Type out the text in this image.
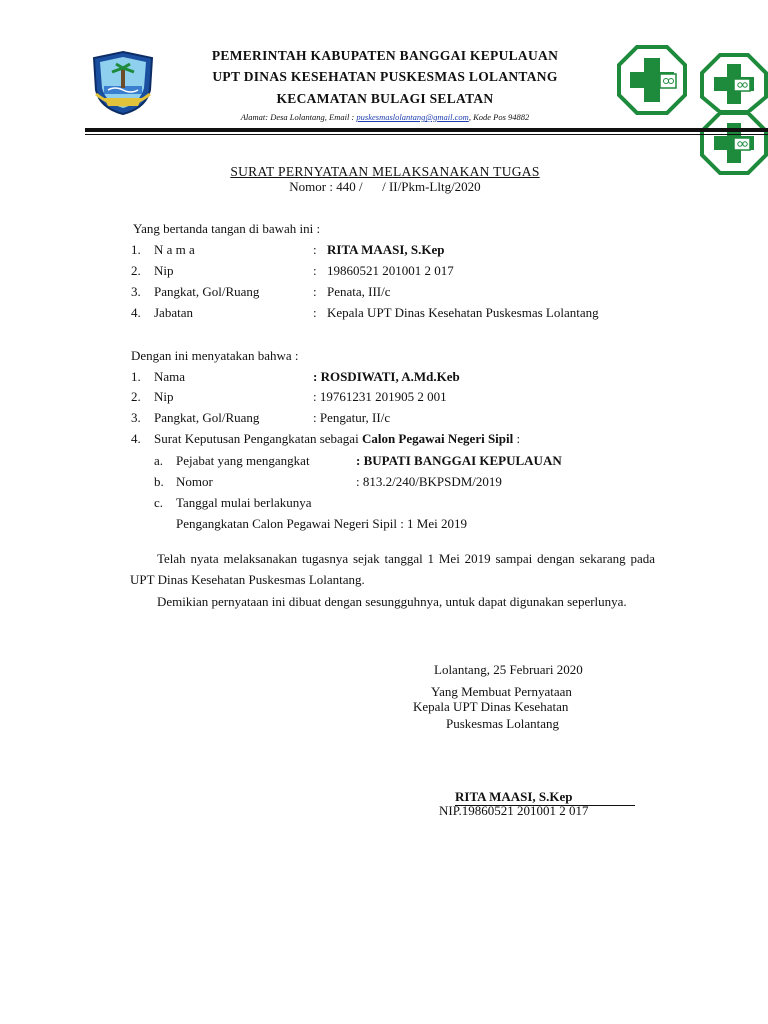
PEMERINTAH KABUPATEN BANGGAI KEPULAUAN
UPT DINAS KESEHATAN PUSKESMAS LOLANTANG
KECAMATAN BULAGI SELATAN
Alamat: Desa Lolantang, Email : puskesmaslolantang@gmail.com, Kode Pos 94882
SURAT PERNYATAAN MELAKSANAKAN TUGAS
Nomor : 440 /      / II/Pkm-Lltg/2020
Yang bertanda tangan di bawah ini :
1. N a m a	: RITA MAASI, S.Kep
2. Nip	: 19860521 201001 2 017
3. Pangkat, Gol/Ruang	: Penata, III/c
4. Jabatan	: Kepala UPT Dinas Kesehatan Puskesmas Lolantang
Dengan ini menyatakan bahwa :
1. Nama	: ROSDIWATI, A.Md.Keb
2. Nip	: 19761231 201905 2 001
3. Pangkat, Gol/Ruang	: Pengatur, II/c
4. Surat Keputusan Pengangkatan sebagai Calon Pegawai Negeri Sipil :
a. Pejabat yang mengangkat	: BUPATI BANGGAI KEPULAUAN
b. Nomor	: 813.2/240/BKPSDM/2019
c. Tanggal mulai berlakunya
Pengangkatan Calon Pegawai Negeri Sipil : 1 Mei 2019
Telah nyata melaksanakan tugasnya sejak tanggal 1 Mei 2019 sampai dengan sekarang pada UPT Dinas Kesehatan Puskesmas Lolantang.
Demikian pernyataan ini dibuat dengan sesungguhnya, untuk dapat digunakan seperlunya.
Lolantang, 25 Februari 2020
Yang Membuat Pernyataan
Kepala UPT Dinas Kesehatan
Puskesmas Lolantang
RITA MAASI, S.Kep
NIP.19860521 201001 2 017
